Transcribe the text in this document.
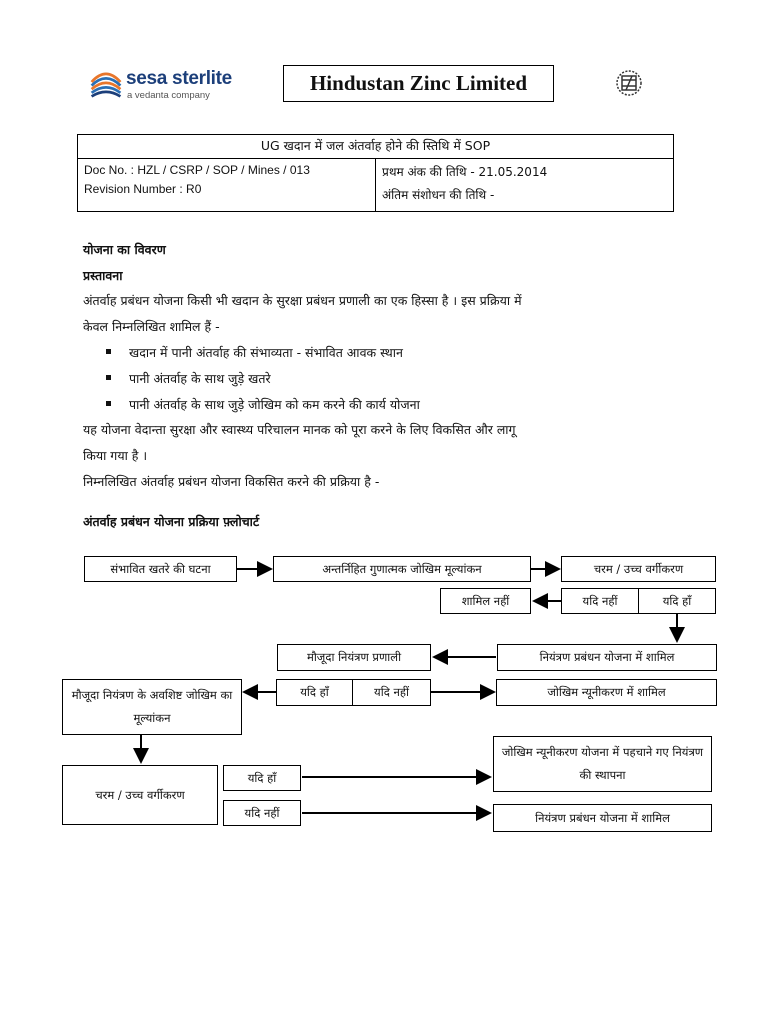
sesa sterlite
a vedanta company
Hindustan Zinc Limited
UG खदान में जल अंतर्वाह होने की स्तिथि में SOP

Doc No. : HZL / CSRP / SOP / Mines / 013
Revision Number : R0

प्रथम अंक की तिथि - 21.05.2014
अंतिम संशोधन की तिथि -
योजना का विवरण
प्रस्तावना
अंतर्वाह प्रबंधन योजना किसी भी खदान के सुरक्षा प्रबंधन प्रणाली का एक हिस्सा है । इस प्रक्रिया में
केवल निम्नलिखित शामिल हैं -
खदान में पानी अंतर्वाह की संभाव्यता - संभावित आवक स्थान
पानी अंतर्वाह के साथ जुड़े खतरे
पानी अंतर्वाह के साथ जुड़े जोखिम को कम करने की कार्य योजना
यह योजना वेदान्ता सुरक्षा और स्वास्थ्य परिचालन मानक को पूरा करने के लिए विकसित और लागू
किया गया है ।
निम्नलिखित अंतर्वाह प्रबंधन योजना विकसित करने की प्रक्रिया है -
अंतर्वाह प्रबंधन योजना प्रक्रिया फ़्लोचार्ट
संभावित खतरे की घटना	अन्तर्निहित गुणात्मक जोखिम मूल्यांकन	चरम / उच्च वर्गीकरण
शामिल नहीं	यदि नहीं	यदि हाँ
मौजूदा नियंत्रण प्रणाली	नियंत्रण प्रबंधन योजना में शामिल
मौजूदा नियंत्रण के अवशिष्ट जोखिम का मूल्यांकन
यदि हाँ	यदि नहीं	जोखिम न्यूनीकरण में शामिल
चरम / उच्च वर्गीकरण
यदि हाँ
यदि नहीं
जोखिम न्यूनीकरण योजना में पहचाने गए नियंत्रण की स्थापना
नियंत्रण प्रबंधन योजना में शामिल
